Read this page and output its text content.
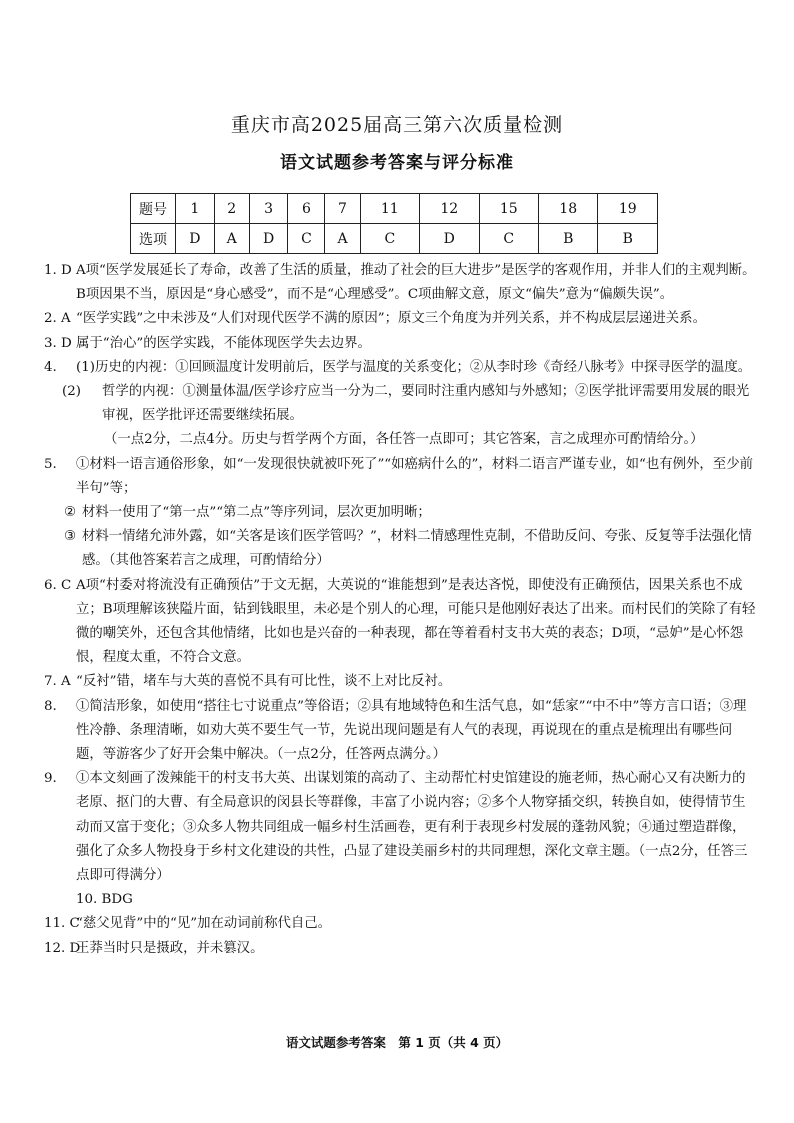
重庆市高2025届高三第六次质量检测
语文试题参考答案与评分标准
题号	1	2	3	6	7	11	12	15	18	19
选项	D	A	D	C	A	C	D	C	B	B

1. D A项“医学发展延长了寿命，改善了生活的质量，推动了社会的巨大进步”是医学的客观作用，并非人们的主观判断。B项因果不当，原因是“身心感受”，而不是“心理感受”。C项曲解文意，原文“偏失”意为“偏颇失误”。

2. A “医学实践”之中未涉及“人们对现代医学不满的原因”；原文三个角度为并列关系，并不构成层层递进关系。

3. D 属于“治心”的医学实践，不能体现医学失去边界。

4. (1)历史的内视：①回顾温度计发明前后，医学与温度的关系变化；②从李时珍《奇经八脉考》中探寻医学的温度。

(2) 哲学的内视：①测量体温/医学诊疗应当一分为二，要同时注重内感知与外感知；②医学批评需要用发展的眼光审视，医学批评还需要继续拓展。

（一点2分，二点4分。历史与哲学两个方面，各任答一点即可；其它答案，言之成理亦可酌情给分。）

5. ①材料一语言通俗形象，如“一发现很快就被吓死了”“如癌病什么的”，材料二语言严谨专业，如“也有例外，至少前半句”等；

② 材料一使用了“第一点”“第二点”等序列词，层次更加明晰；

③ 材料一情绪允沛外露，如“关客是该们医学管吗？”，材料二情感理性克制，不借助反问、夸张、反复等手法强化情感。（其他答案若言之成理，可酌情给分）

6. C A项“村委对将流没有正确预估”于文无据，大英说的“谁能想到”是表达吝悦，即使没有正确预估，因果关系也不成立；B项理解该狭隘片面，钻到钱眼里，未必是个别人的心理，可能只是他刚好表达了出来。而村民们的笑除了有轻微的嘲笑外，还包含其他情绪，比如也是兴奋的一种表现，都在等着看村支书大英的表态；D项，“忌妒”是心怀怨恨，程度太重，不符合文意。

7. A “反衬”错，堵车与大英的喜悦不具有可比性，谈不上对比反衬。

8. ①简洁形象，如使用“搭往七寸说重点”等俗语；②具有地域特色和生活气息，如“恁家”“中不中”等方言口语；③理性冷静、条理清晰，如劝大英不要生气一节，先说出现问题是有人气的表现，再说现在的重点是梳理出有哪些问题，等游客少了好开会集中解决。（一点2分，任答两点满分。）

9. ①本文刻画了泼辣能干的村支书大英、出谋划策的高动了、主动帮忙村史馆建设的施老师，热心耐心又有决断力的老原、抠门的大曹、有全局意识的闵县长等群像，丰富了小说内容；②多个人物穿插交织，转换自如，使得情节生动而又富于变化；③众多人物共同组成一幅乡村生活画卷，更有利于表现乡村发展的蓬勃风貌；④通过塑造群像，强化了众多人物投身于乡村文化建设的共性，凸显了建设美丽乡村的共同理想，深化文章主题。（一点2分，任答三点即可得满分）

10. BDG

11. C
“慈父见背”中的“见”加在动词前称代自己。

12. D
王莽当时只是摄政，并未篡汉。

语文试题参考答案　第 1 页（共 4 页）
